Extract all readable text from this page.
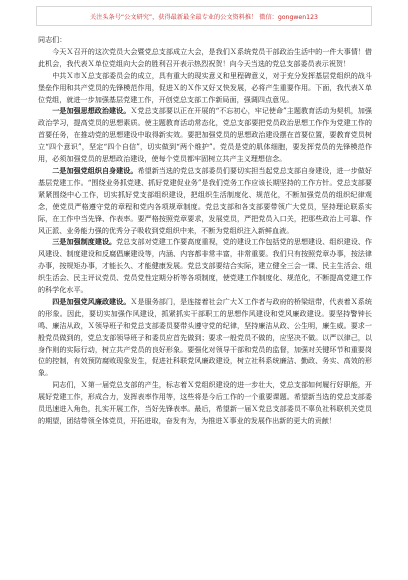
关注头条号“公文研究”，获得最新最全最专业的公文资料推！ 微信：gongwen123

同志们：

今天Ｘ召开的这次党员大会暨党总支部成立大会，是我们Ｘ系统党员干部政治生活中的一件大事情！借此机会，我代表Ｘ单位党组向大会的胜利召开表示热烈祝贺！向今天当选的党总支部委员表示祝贺！

中共Ｘ市Ｘ总支部委员会的成立，具有重大的现实意义和里程碑意义，对于充分发挥基层党组织的战斗堡垒作用和共产党员的先锋模范作用，促进Ｘ的Ｘ作又好又快发展，必将产生重要作用。下面，我代表Ｘ单位党组，就进一步加强基层党建工作，开创党总支部工作新局面，强调四点意见。

一是加强思想政治建设。Ｘ党总支部要以正在开展的“不忘初心，牢记使命”主题教育活动为契机，加强政治学习，提高党员的思想素质。使主题教育活动常态化，党总支部要把党员政治思想工作作为党建工作的首要任务，在推动党的思想建设中取得新实效。要把加强党员的思想政治建设摆在首要位置，要教育党员树立“四个意识”，坚定“四个自信”，切实做到“两个维护”。党员是党的肌体细胞，要发挥党员的先锋模范作用，必须加强党员的思想政治建设，使每个党员都牢固树立共产主义理想信念。

二是加强党组织自身建设。希望新当选的党总支部委员们要切实担当起党总支部自身建设，进一步做好基层党建工作。“围绕业务抓党建、抓好党建促业务”是我们党务工作应该长期坚持的工作方针。党总支部要紧紧围绕中心工作，切实抓好党支部组织建设，把组织生活制度化、规范化，不断加强党员的组织纪律观念，使党员严格遵守党的章程和党内各项规章制度。党总支部和各支部要带领广大党员，坚持理论联系实际，在工作中当先锋、作表率。要严格按照党章要求，发展党员，严把党员入口关，把那些政治上可靠、作风正派、业务能力强的优秀分子吸收到党组织中来，不断为党组织注入新鲜血液。

三是加强制度建设。党总支部对党建工作要高度重视，党的建设工作包括党的思想建设、组织建设、作风建设、制度建设和反腐倡廉建设等，内涵、内容都非常丰富，非常重要。我们只有按照党章办事，按法律办事，按规矩办事，才能长久、才能健康发展。党总支部要结合实际，建立健全三会一课、民主生活会、组织生活会、民主评议党员、党员党性定期分析等各项制度，使党建工作制度化、规范化，不断提高党建工作的科学化水平。

四是加强党风廉政建设。Ｘ是服务部门，是连接着社会广大Ｘ工作者与政府的桥梁纽带，代表着Ｘ系统的形象。因此，要切实加强作风建设，抓紧抓实干部职工的思想作风建设和党风廉政建设。要坚持警钟长鸣、廉洁从政，Ｘ领导班子和党总支部委员要带头遵守党的纪律，坚持廉洁从政、公生明，廉生威。要求一般党员做到的，党总支部领导班子和委员应首先做到；要求一般党员不做的，应坚决不做。以严以律己，以身作则的实际行动，树立共产党员的良好形象。要强化对领导干部和党员的监督，加强对关键环节和重要岗位的控制，有效预防腐败现象发生，促进社科联党风廉政建设，树立社科系统廉洁、勤政、务实、高效的形象。

同志们，Ｘ第一届党总支部的产生，标志着Ｘ党组织建设的进一步壮大，党总支部如何履行好职能，开展好党建工作，形成合力，发挥表率作用等，这些将是今后工作的一个重要课题。希望新当选的党总支部委员迅速进入角色，扎实开展工作，当好先锋表率。最后，希望新一届Ｘ党总支部委员不辜负社科联机关党员的期望，团结带领全体党员，开拓进取，奋发有为，为推进Ｘ事业的发展作出新的更大的贡献！
